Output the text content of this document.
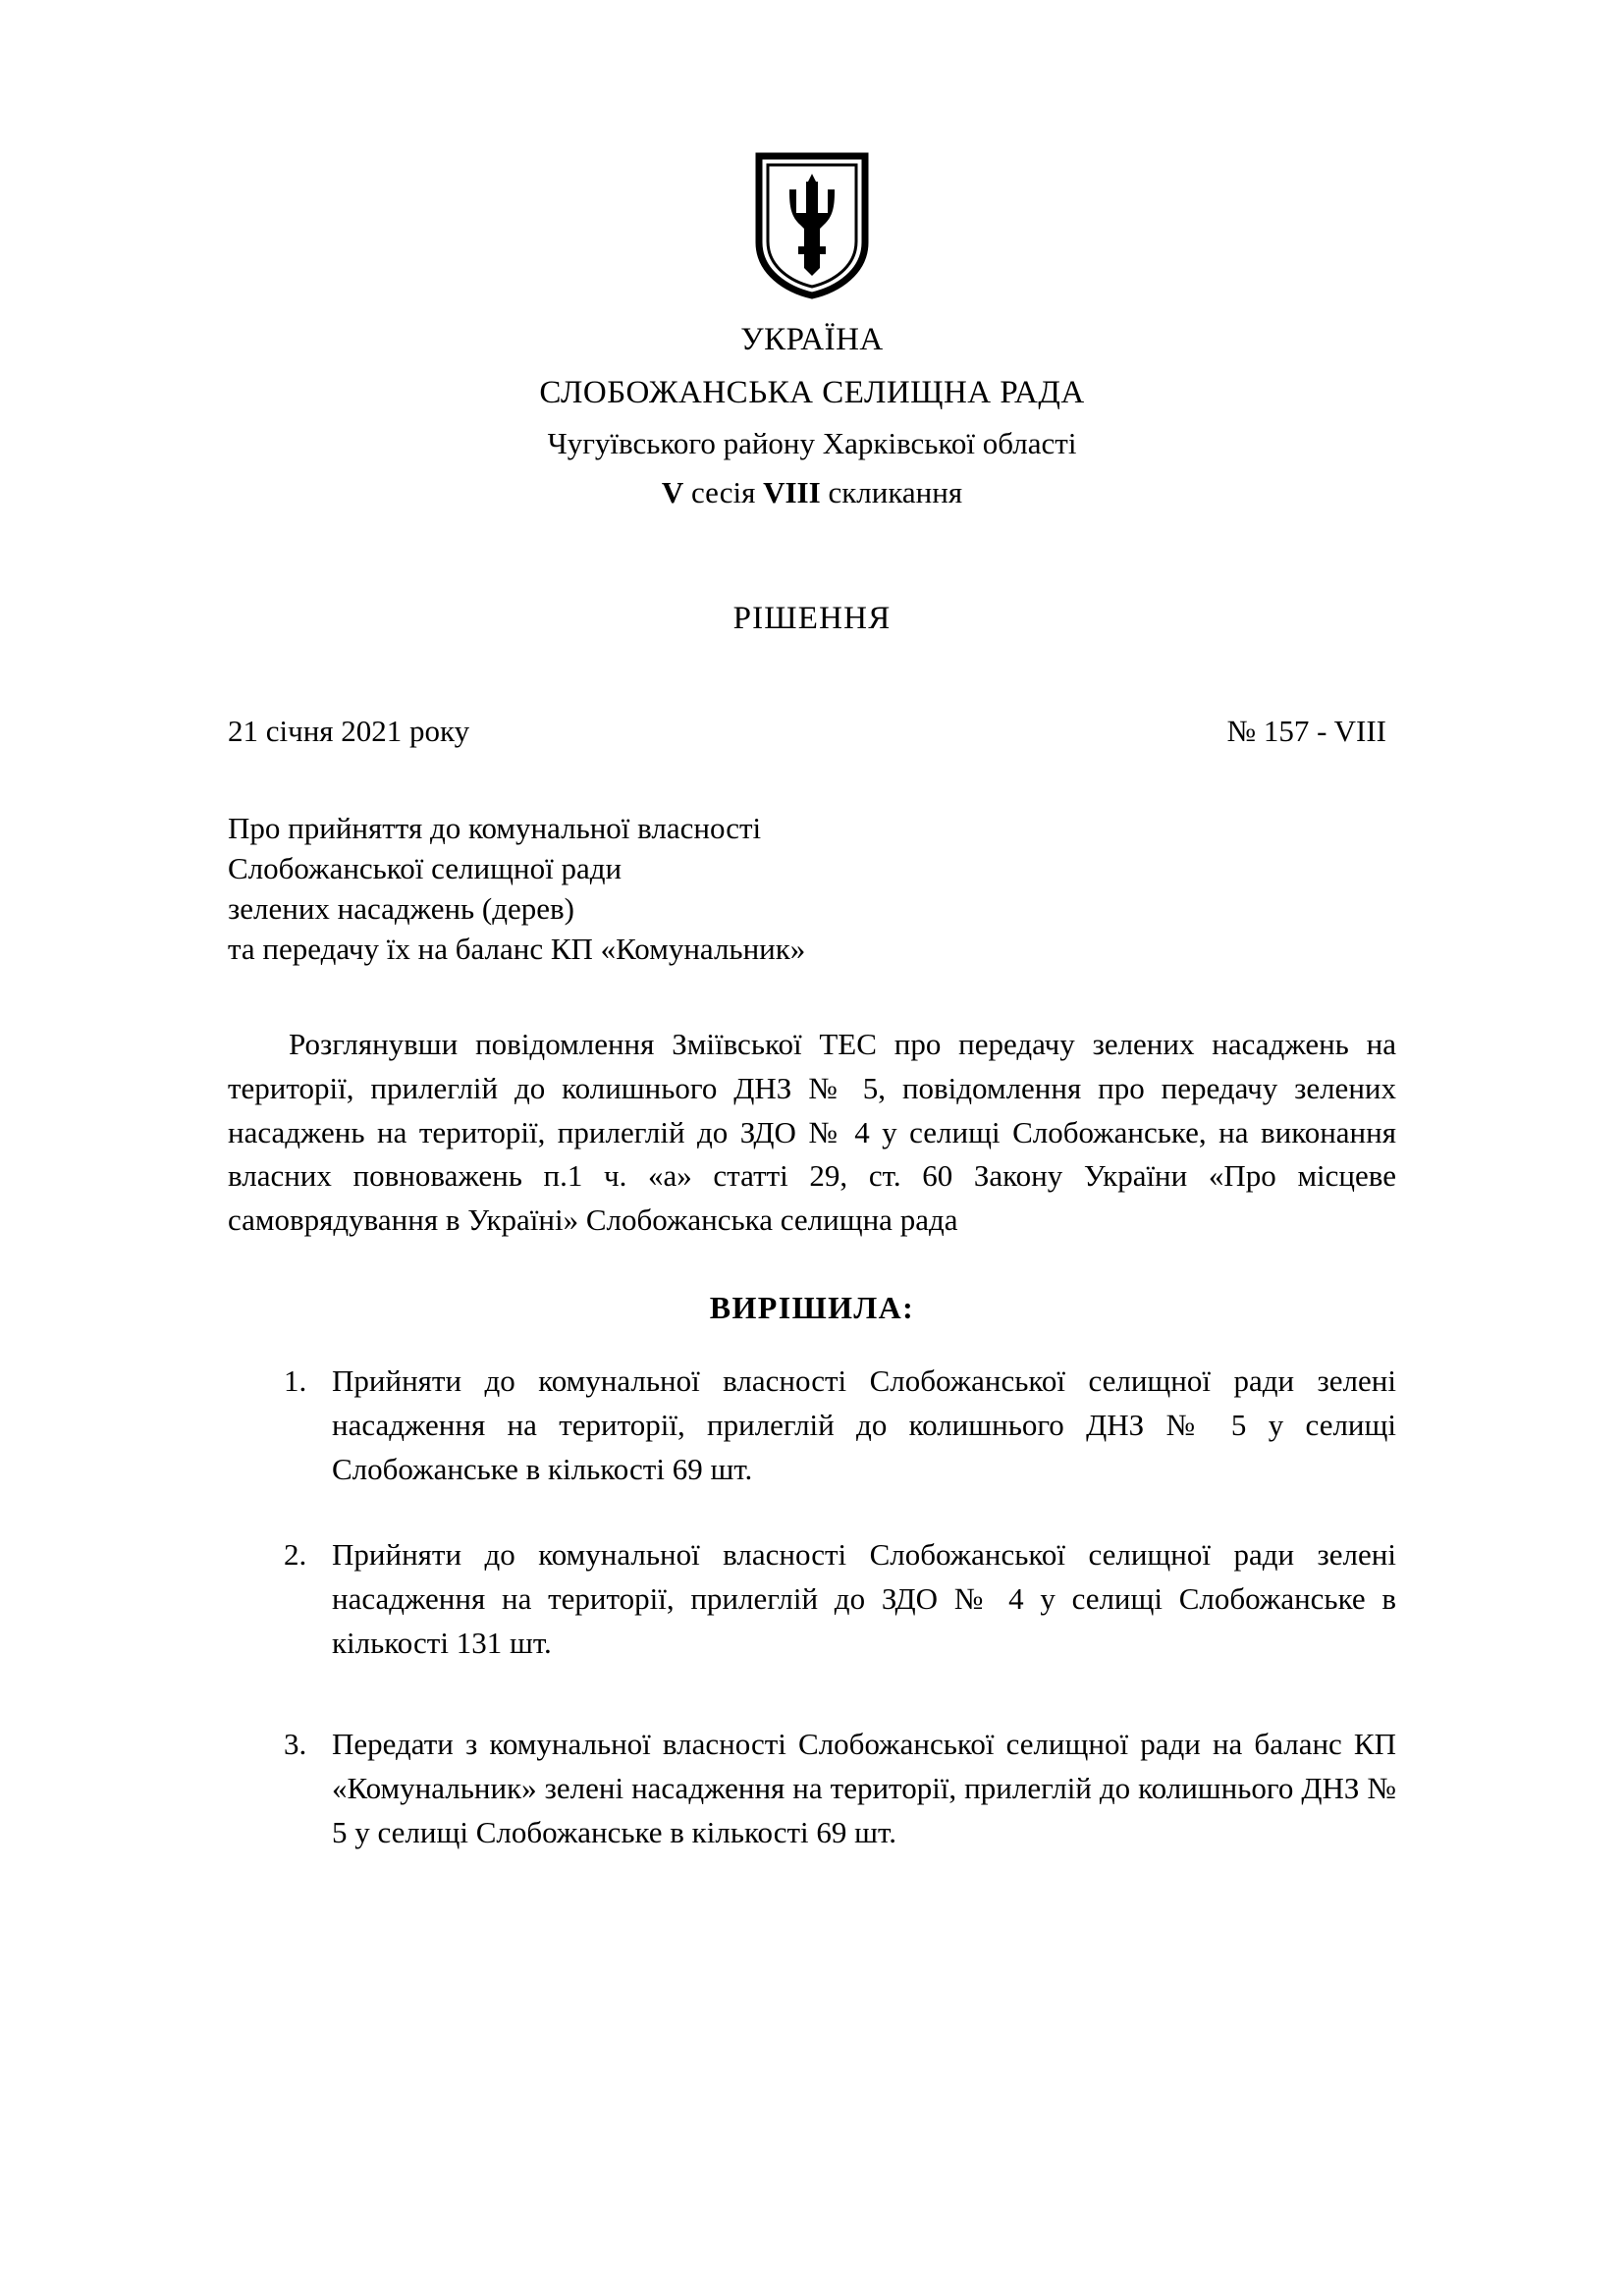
УКРАЇНА
СЛОБОЖАНСЬКА СЕЛИЩНА РАДА
Чугуївського району Харківської області
V сесія VIII скликання
РІШЕННЯ
21 січня 2021 року	№ 157 - VIII
Про прийняття до комунальної власності
Слобожанської селищної ради
зелених насаджень (дерев)
та передачу їх на баланс КП «Комунальник»

Розглянувши повідомлення Зміївської ТЕС про передачу зелених насаджень на території, прилеглій до колишнього ДНЗ № 5, повідомлення про передачу зелених насаджень на території, прилеглій до ЗДО № 4 у селищі Слобожанське, на виконання власних повноважень п.1 ч. «а» статті 29, ст. 60 Закону України «Про місцеве самоврядування в Україні» Слобожанська селищна рада

ВИРІШИЛА:
1. Прийняти до комунальної власності Слобожанської селищної ради зелені насадження на території, прилеглій до колишнього ДНЗ № 5 у селищі Слобожанське в кількості 69 шт.
2. Прийняти до комунальної власності Слобожанської селищної ради зелені насадження на території, прилеглій до ЗДО № 4 у селищі Слобожанське в кількості 131 шт.
3. Передати з комунальної власності Слобожанської селищної ради на баланс КП «Комунальник» зелені насадження на території, прилеглій до колишнього ДНЗ № 5 у селищі Слобожанське в кількості 69 шт.
